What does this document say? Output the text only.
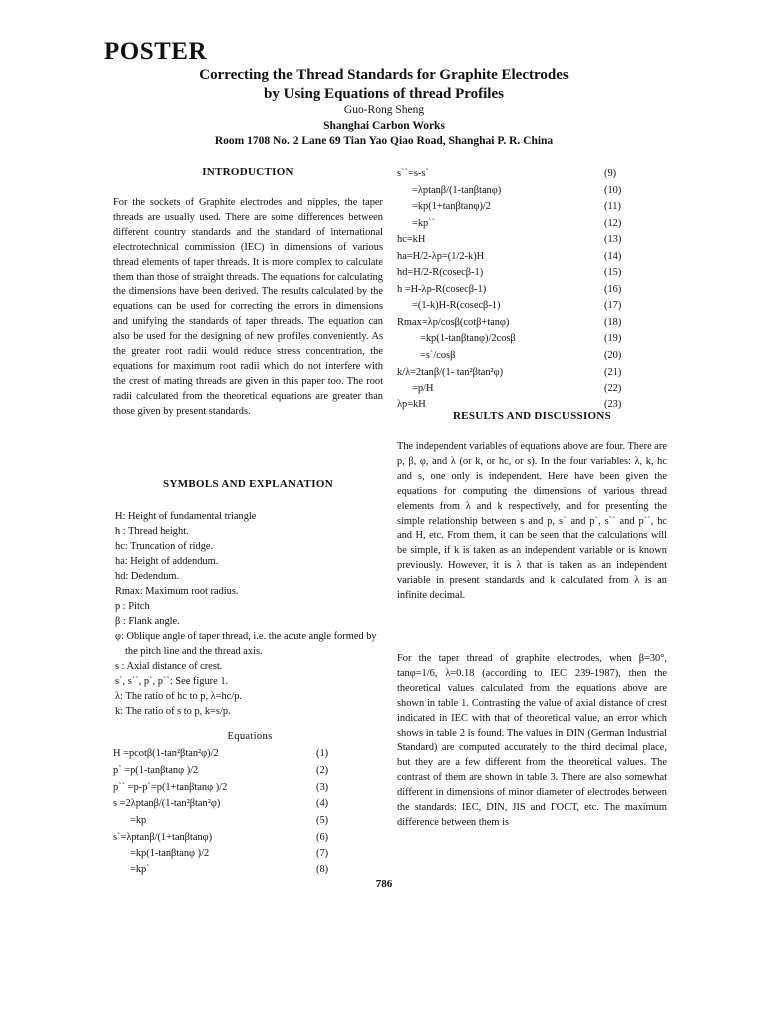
POSTER
Correcting the Thread Standards for Graphite Electrodes
by Using Equations of thread Profiles
Guo-Rong Sheng
Shanghai Carbon Works
Room 1708 No. 2 Lane 69 Tian Yao Qiao Road, Shanghai P. R. China
INTRODUCTION
For the sockets of Graphite electrodes and nipples, the taper threads are usually used. There are some differences between different country standards and the standard of international electrotechnical commission (IEC) in dimensions of various thread elements of taper threads. It is more complex to calculate them than those of straight threads. The equations for calculating the dimensions have been derived. The results calculated by the equations can be used for correcting the errors in dimensions and unifying the standards of taper threads. The equation can also be used for the designing of new profiles conveniently. As the greater root radii would reduce stress concentration, the equations for maximum root radii which do not interfere with the crest of mating threads are given in this paper too. The root radii calculated from the theoretical equations are greater than those given by present standards.
SYMBOLS AND EXPLANATION
H: Height of fundamental triangle
h : Thread height.
hc: Truncation of ridge.
ha: Height of addendum.
hd: Dedendum.
Rmax: Maximum root radius.
p : Pitch
β : Flank angle.
φ: Oblique angle of taper thread, i.e. the acute angle formed by the pitch line and the thread axis.
s : Axial distance of crest.
s`, s``, p`, p``: See figure 1.
λ: The ratio of hc to p, λ=hc/p.
k: The ratio of s to p, k=s/p.
Equations
H =pcotβ(1-tan²βtan²φ)/2	(1)
p` =p(1-tanβtanφ )/2	(2)
p`` =p-p`=p(1+tanβtanφ )/2	(3)
s =2λptanβ/(1-tan²βtan²φ)	(4)
=kp	(5)
s`=λptanβ/(1+tanβtanφ)	(6)
=kp(1-tanβtanφ )/2	(7)
=kp`	(8)
s``=s-s`	(9)
=λptanβ/(1-tanβtanφ)	(10)
=kp(1+tanβtanφ)/2	(11)
=kp``	(12)
hc=kH	(13)
ha=H/2-λp=(1/2-k)H	(14)
hd=H/2-R(cosecβ-1)	(15)
h =H-λp-R(cosecβ-1)	(16)
=(1-k)H-R(cosecβ-1)	(17)
Rmax=λp/cosβ(cotβ+tanφ)	(18)
=kp(1-tanβtanφ)/2cosβ	(19)
=s`/cosβ	(20)
k/λ=2tanβ/(1- tan²βtan²φ)	(21)
=p/H	(22)
λp=kH	(23)
RESULTS AND DISCUSSIONS
The independent variables of equations above are four. There are p, β, φ, and λ (or k, or hc, or s). In the four variables: λ, k, hc and s, one only is independent. Here have been given the equations for computing the dimensions of various thread elements from λ and k respectively, and for presenting the simple relationship between s and p, s` and p`, s`` and p``, hc and H, etc. From them, it can be seen that the calculations will be simple, if k is taken as an independent variable or is known previously. However, it is λ that is taken as an independent variable in present standards and k calculated from λ is an infinite decimal.
For the taper thread of graphite electrodes, when β=30°, tanφ=1/6, λ=0.18 (according to IEC 239-1987), then the theoretical values calculated from the equations above are shown in table 1. Contrasting the value of axial distance of crest indicated in IEC with that of theoretical value, an error which shows in table 2 is found. The values in DIN (German Industrial Standard) are computed accurately to the third decimal place, but they are a few different from the theoretical values. The contrast of them are shown in table 3. There are also somewhat different in dimensions of minor diameter of electrodes between the standards: IEC, DIN, JIS and ГОСТ, etc. The maximum difference between them is
786
